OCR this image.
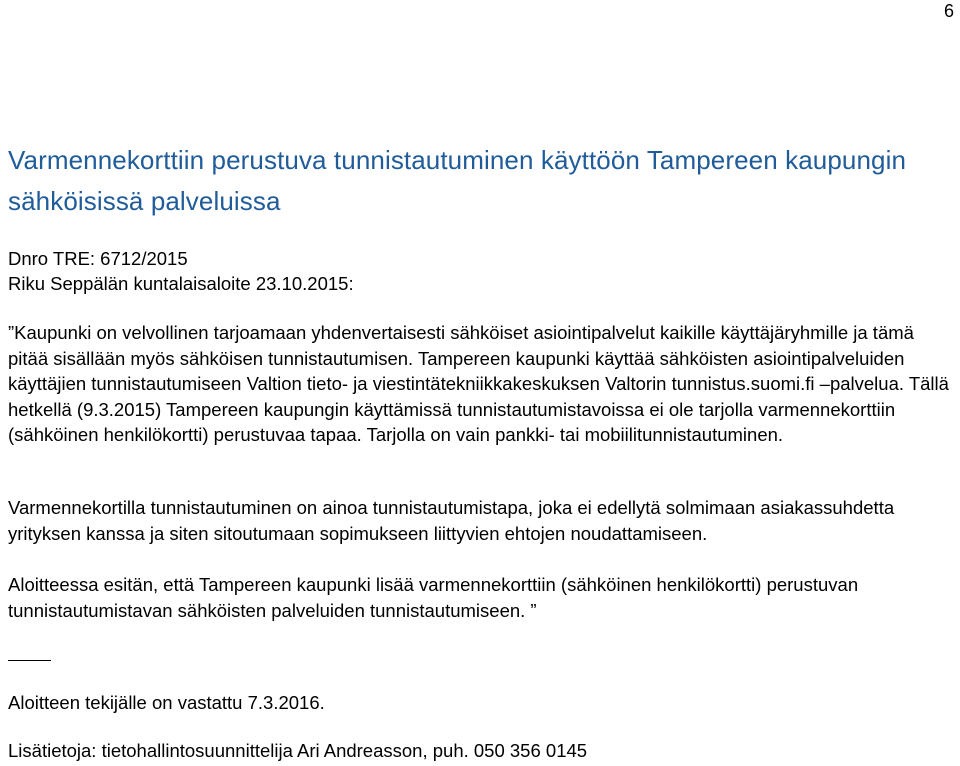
6
Varmennekorttiin perustuva tunnistautuminen käyttöön Tampereen kaupungin sähköisissä palveluissa
Dnro TRE: 6712/2015
Riku Seppälän kuntalaisaloite 23.10.2015:

”Kaupunki on velvollinen tarjoamaan yhdenvertaisesti sähköiset asiointipalvelut kaikille käyttäjäryhmille ja tämä pitää sisällään myös sähköisen tunnistautumisen. Tampereen kaupunki käyttää sähköisten asiointipalveluiden käyttäjien tunnistautumiseen Valtion tieto- ja viestintätekniikkakeskuksen Valtorin tunnistus.suomi.fi –palvelua. Tällä hetkellä (9.3.2015) Tampereen kaupungin käyttämissä tunnistautumistavoissa ei ole tarjolla varmennekorttiin (sähköinen henkilökortti) perustuvaa tapaa. Tarjolla on vain pankki- tai mobiilitunnistautuminen.

Varmennekortilla tunnistautuminen on ainoa tunnistautumistapa, joka ei edellytä solmimaan asiakassuhdetta yrityksen kanssa ja siten sitoutumaan sopimukseen liittyvien ehtojen noudattamiseen.

Aloitteessa esitän, että Tampereen kaupunki lisää varmennekorttiin (sähköinen henkilökortti) perustuvan tunnistautumistavan sähköisten palveluiden tunnistautumiseen. ”

Aloitteen tekijälle on vastattu 7.3.2016.
Lisätietoja: tietohallintosuunnittelija Ari Andreasson, puh. 050 356 0145
